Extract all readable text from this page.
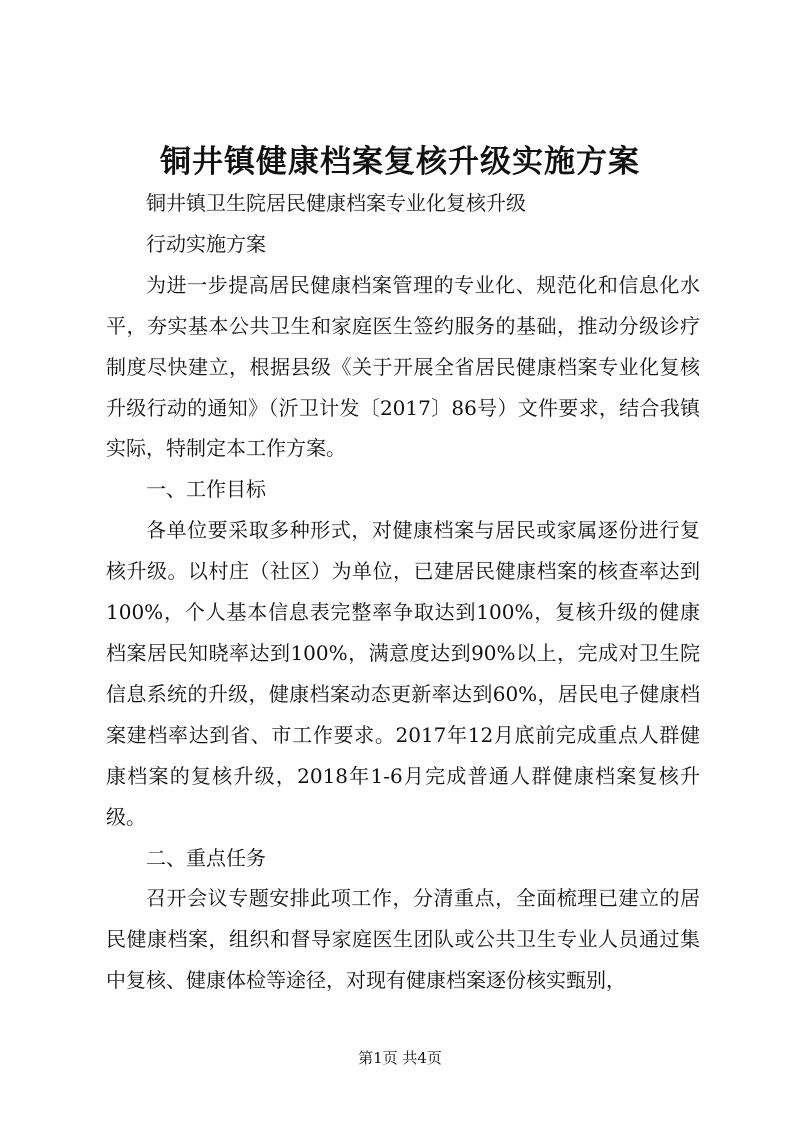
铜井镇健康档案复核升级实施方案

铜井镇卫生院居民健康档案专业化复核升级

行动实施方案

为进一步提高居民健康档案管理的专业化、规范化和信息化水平，夯实基本公共卫生和家庭医生签约服务的基础，推动分级诊疗制度尽快建立，根据县级《关于开展全省居民健康档案专业化复核升级行动的通知》（沂卫计发〔2017〕86号）文件要求，结合我镇实际，特制定本工作方案。

一、工作目标

各单位要采取多种形式，对健康档案与居民或家属逐份进行复核升级。以村庄（社区）为单位，已建居民健康档案的核查率达到100%，个人基本信息表完整率争取达到100%，复核升级的健康档案居民知晓率达到100%，满意度达到90%以上，完成对卫生院信息系统的升级，健康档案动态更新率达到60%，居民电子健康档案建档率达到省、市工作要求。2017年12月底前完成重点人群健康档案的复核升级，2018年1-6月完成普通人群健康档案复核升级。

二、重点任务

召开会议专题安排此项工作，分清重点，全面梳理已建立的居民健康档案，组织和督导家庭医生团队或公共卫生专业人员通过集中复核、健康体检等途径，对现有健康档案逐份核实甄别，

第1页 共4页
